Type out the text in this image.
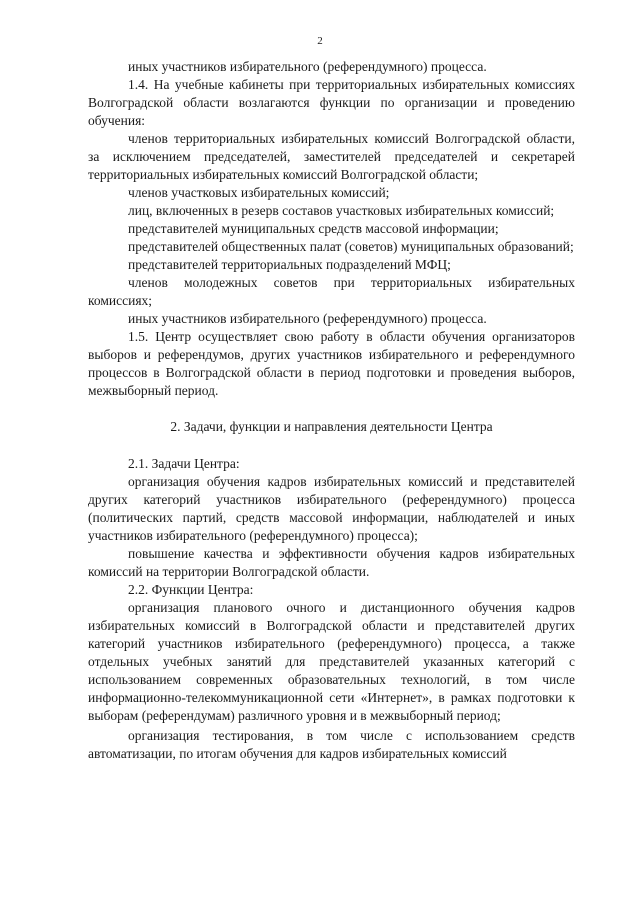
2

иных участников избирательного (референдумного) процесса.

1.4. На учебные кабинеты при территориальных избирательных комиссиях Волгоградской области возлагаются функции по организации и проведению обучения:

членов территориальных избирательных комиссий Волгоградской области, за исключением председателей, заместителей председателей и секретарей территориальных избирательных комиссий Волгоградской области;

членов участковых избирательных комиссий;

лиц, включенных в резерв составов участковых избирательных комиссий;

представителей муниципальных средств массовой информации;

представителей общественных палат (советов) муниципальных образований;

представителей территориальных подразделений МФЦ;

членов молодежных советов при территориальных избирательных комиссиях;

иных участников избирательного (референдумного) процесса.

1.5. Центр осуществляет свою работу в области обучения организаторов выборов и референдумов, других участников избирательного и референдумного процессов в Волгоградской области в период подготовки и проведения выборов, межвыборный период.

2. Задачи, функции и направления деятельности Центра

2.1. Задачи Центра:

организация обучения кадров избирательных комиссий и представителей других категорий участников избирательного (референдумного) процесса (политических партий, средств массовой информации, наблюдателей и иных участников избирательного (референдумного) процесса);

повышение качества и эффективности обучения кадров избирательных комиссий на территории Волгоградской области.

2.2. Функции Центра:

организация планового очного и дистанционного обучения кадров избирательных комиссий в Волгоградской области и представителей других категорий участников избирательного (референдумного) процесса, а также отдельных учебных занятий для представителей указанных категорий с использованием современных образовательных технологий, в том числе информационно-телекоммуникационной сети «Интернет», в рамках подготовки к выборам (референдумам) различного уровня и в межвыборный период;

организация тестирования, в том числе с использованием средств автоматизации, по итогам обучения для кадров избирательных комиссий
